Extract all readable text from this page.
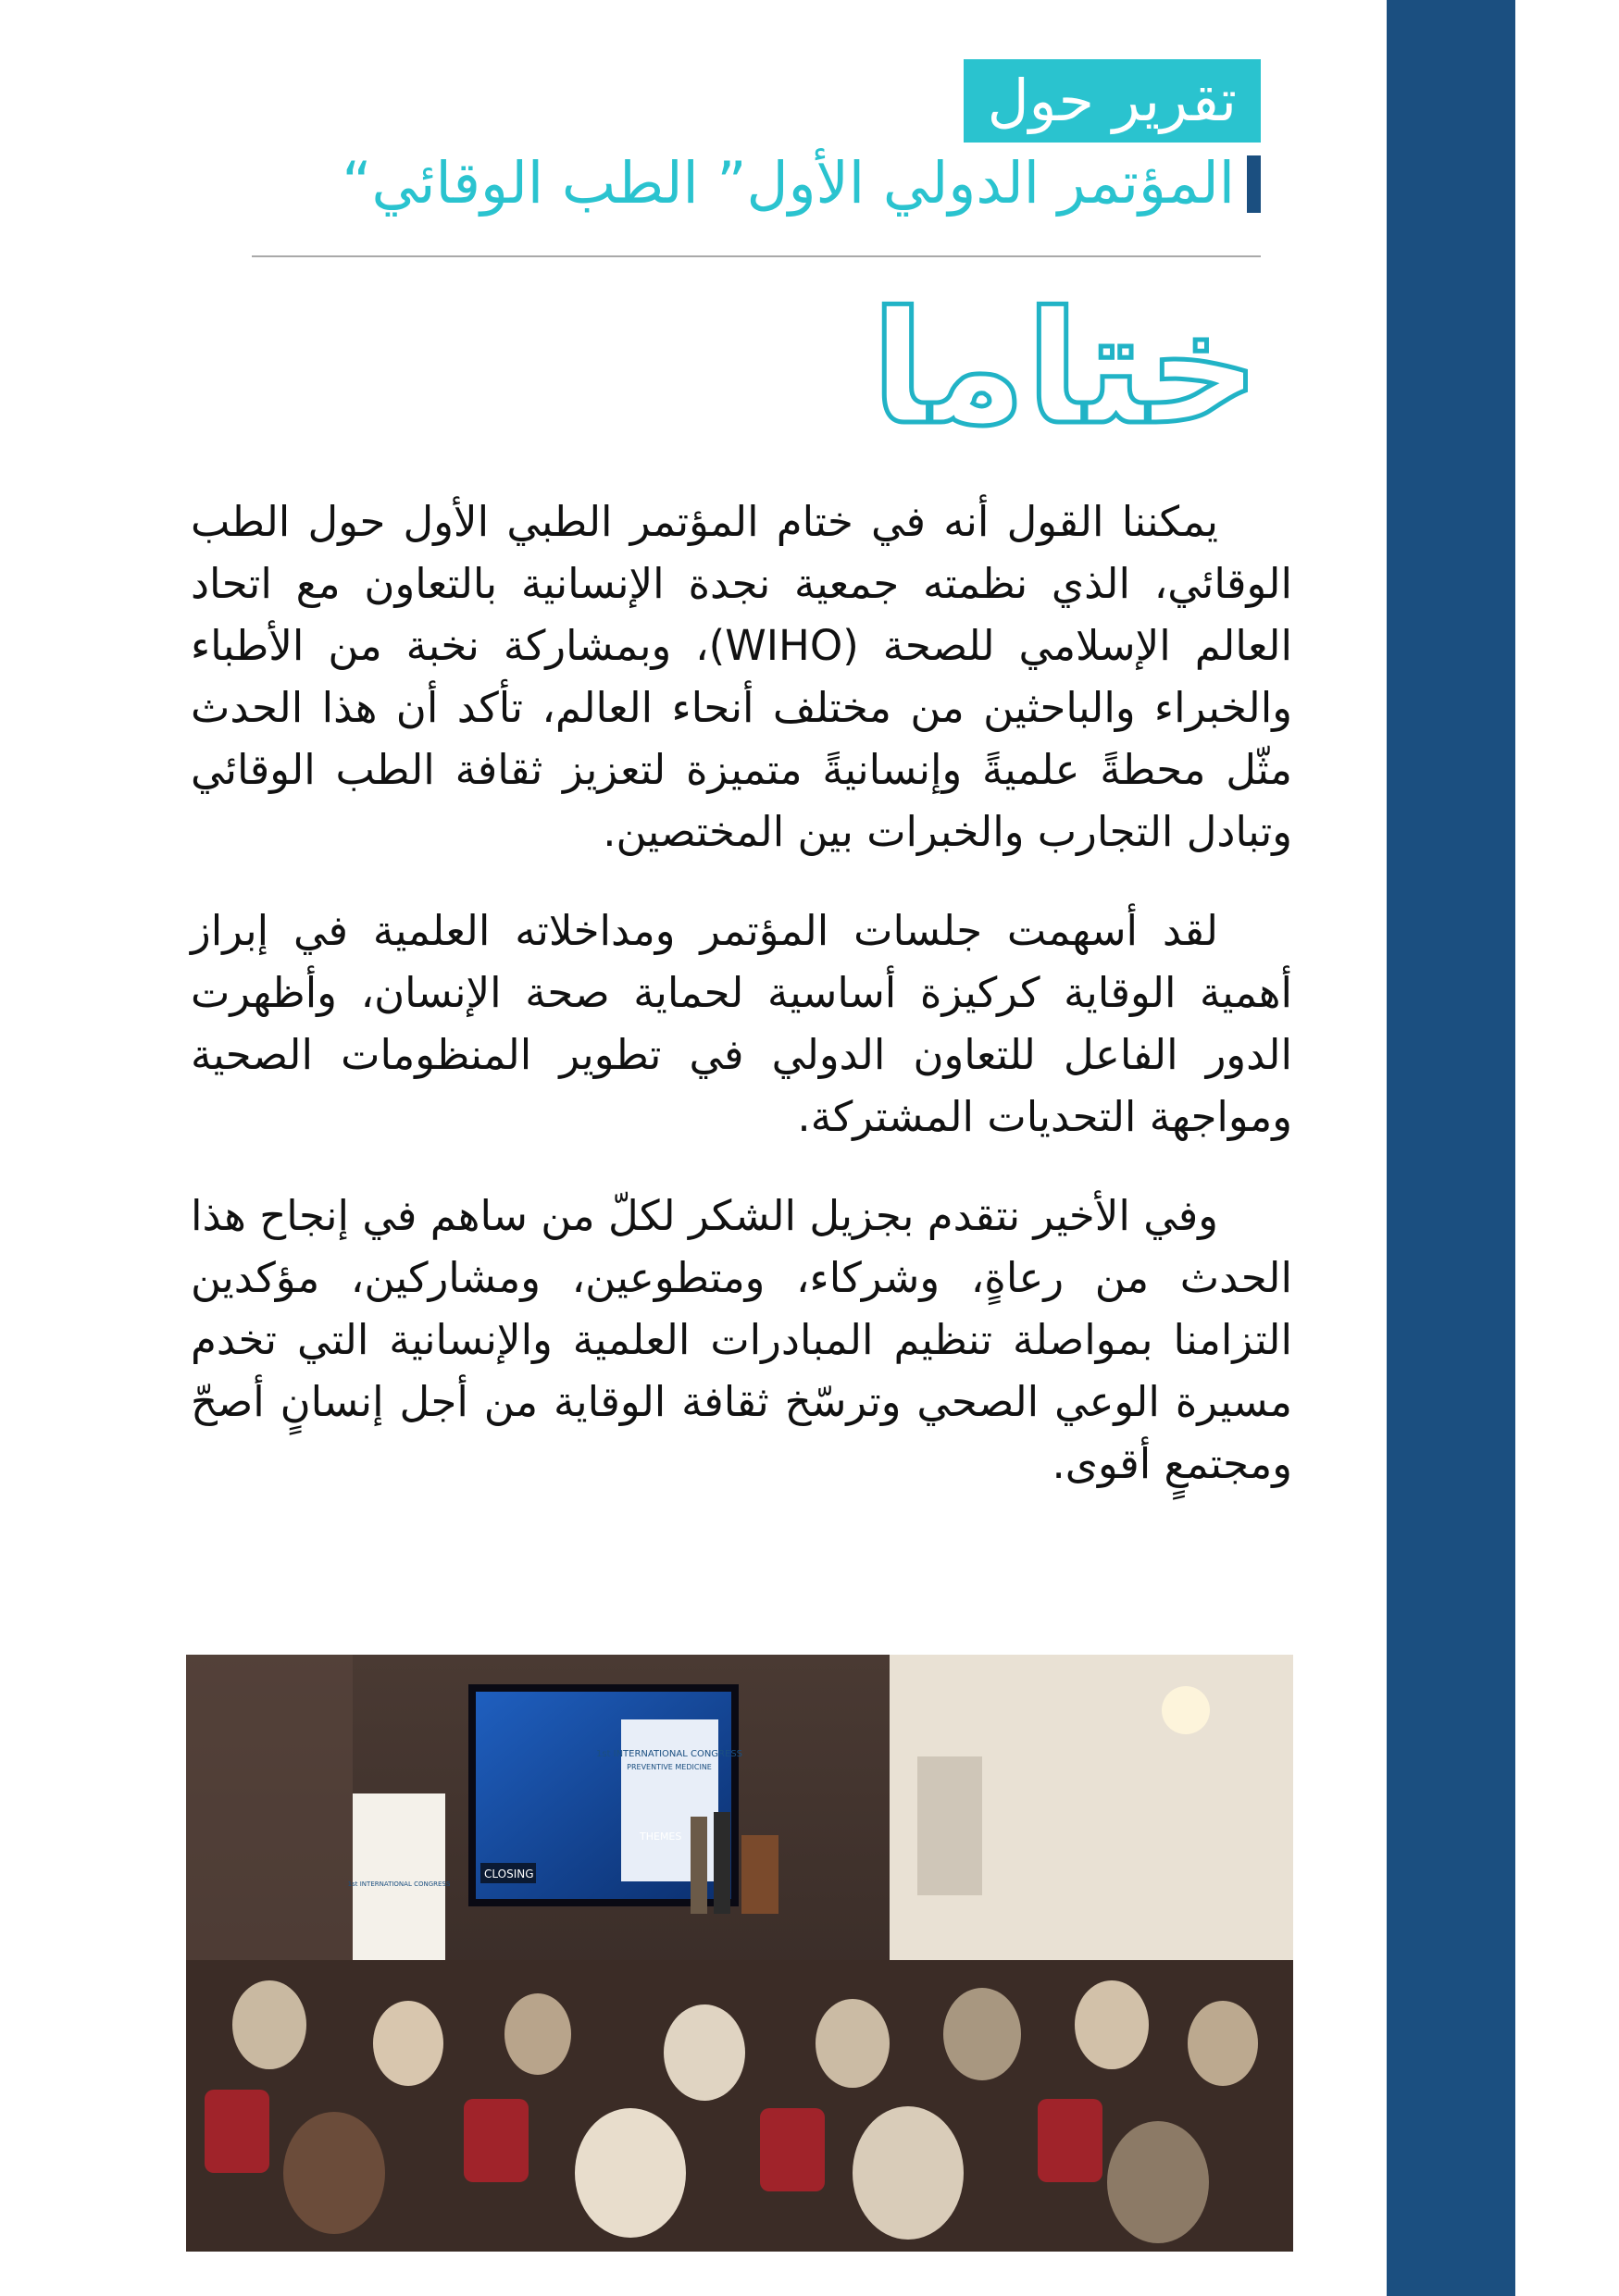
تقرير حول
المؤتمر الدولي الأول” الطب الوقائي“
ختاما

يمكننا القول أنه في ختام المؤتمر الطبي الأول حول الطب الوقائي، الذي نظمته جمعية نجدة الإنسانية بالتعاون مع اتحاد العالم الإسلامي للصحة (WIHO)، وبمشاركة نخبة من الأطباء والخبراء والباحثين من مختلف أنحاء العالم، تأكد أن هذا الحدث مثّل محطةً علميةً وإنسانيةً متميزة لتعزيز ثقافة الطب الوقائي وتبادل التجارب والخبرات بين المختصين.

لقد أسهمت جلسات المؤتمر ومداخلاته العلمية في إبراز أهمية الوقاية كركيزة أساسية لحماية صحة الإنسان، وأظهرت الدور الفاعل للتعاون الدولي في تطوير المنظومات الصحية ومواجهة التحديات المشتركة.

وفي الأخير نتقدم بجزيل الشكر لكلّ من ساهم في إنجاح هذا الحدث من رعاةٍ، وشركاء، ومتطوعين، ومشاركين، مؤكدين التزامنا بمواصلة تنظيم المبادرات العلمية والإنسانية التي تخدم مسيرة الوعي الصحي وترسّخ ثقافة الوقاية من أجل إنسانٍ أصحّ ومجتمعٍ أقوى.

1st INTERNATIONAL CONGRESS
PREVENTIVE MEDICINE
THEMES
CLOSING
1st INTERNATIONAL CONGRESS
